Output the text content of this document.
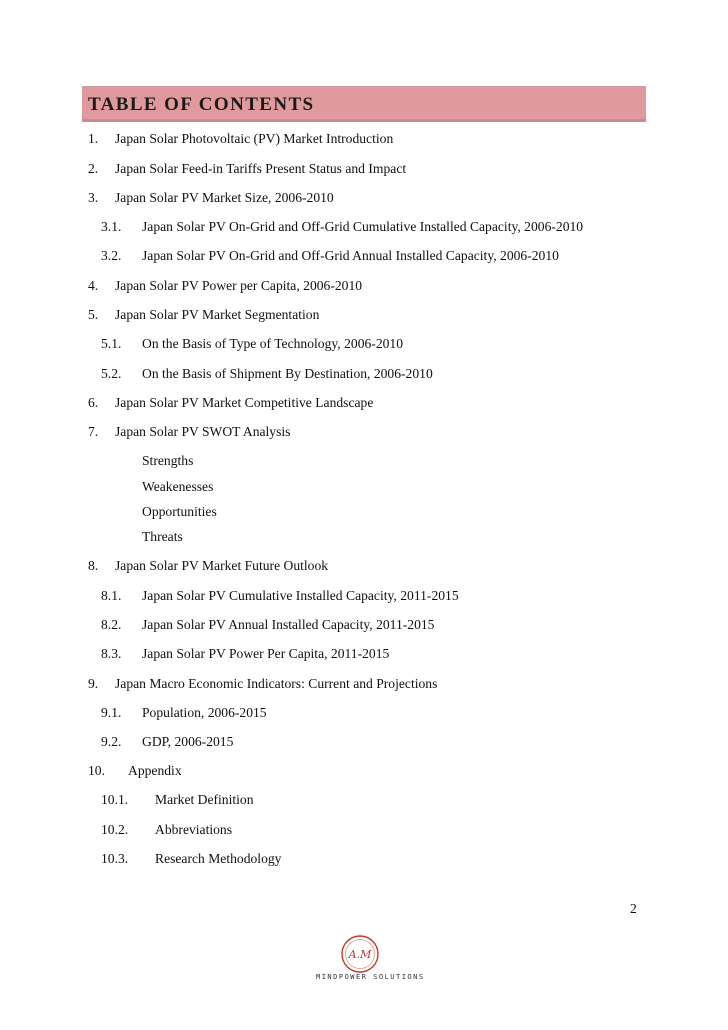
TABLE OF CONTENTS
1. Japan Solar Photovoltaic (PV) Market Introduction
2. Japan Solar Feed-in Tariffs Present Status and Impact
3. Japan Solar PV Market Size, 2006-2010
3.1. Japan Solar PV On-Grid and Off-Grid Cumulative Installed Capacity, 2006-2010
3.2. Japan Solar PV On-Grid and Off-Grid Annual Installed Capacity, 2006-2010
4. Japan Solar PV Power per Capita, 2006-2010
5. Japan Solar PV Market Segmentation
5.1. On the Basis of Type of Technology, 2006-2010
5.2. On the Basis of Shipment By Destination, 2006-2010
6. Japan Solar PV Market Competitive Landscape
7. Japan Solar PV SWOT Analysis
Strengths
Weakenesses
Opportunities
Threats
8. Japan Solar PV Market Future Outlook
8.1. Japan Solar PV Cumulative Installed Capacity, 2011-2015
8.2. Japan Solar PV Annual Installed Capacity, 2011-2015
8.3. Japan Solar PV Power Per Capita, 2011-2015
9. Japan Macro Economic Indicators: Current and Projections
9.1. Population, 2006-2015
9.2. GDP, 2006-2015
10. Appendix
10.1. Market Definition
10.2. Abbreviations
10.3. Research Methodology
2
A.M
MINDPOWER SOLUTIONS
